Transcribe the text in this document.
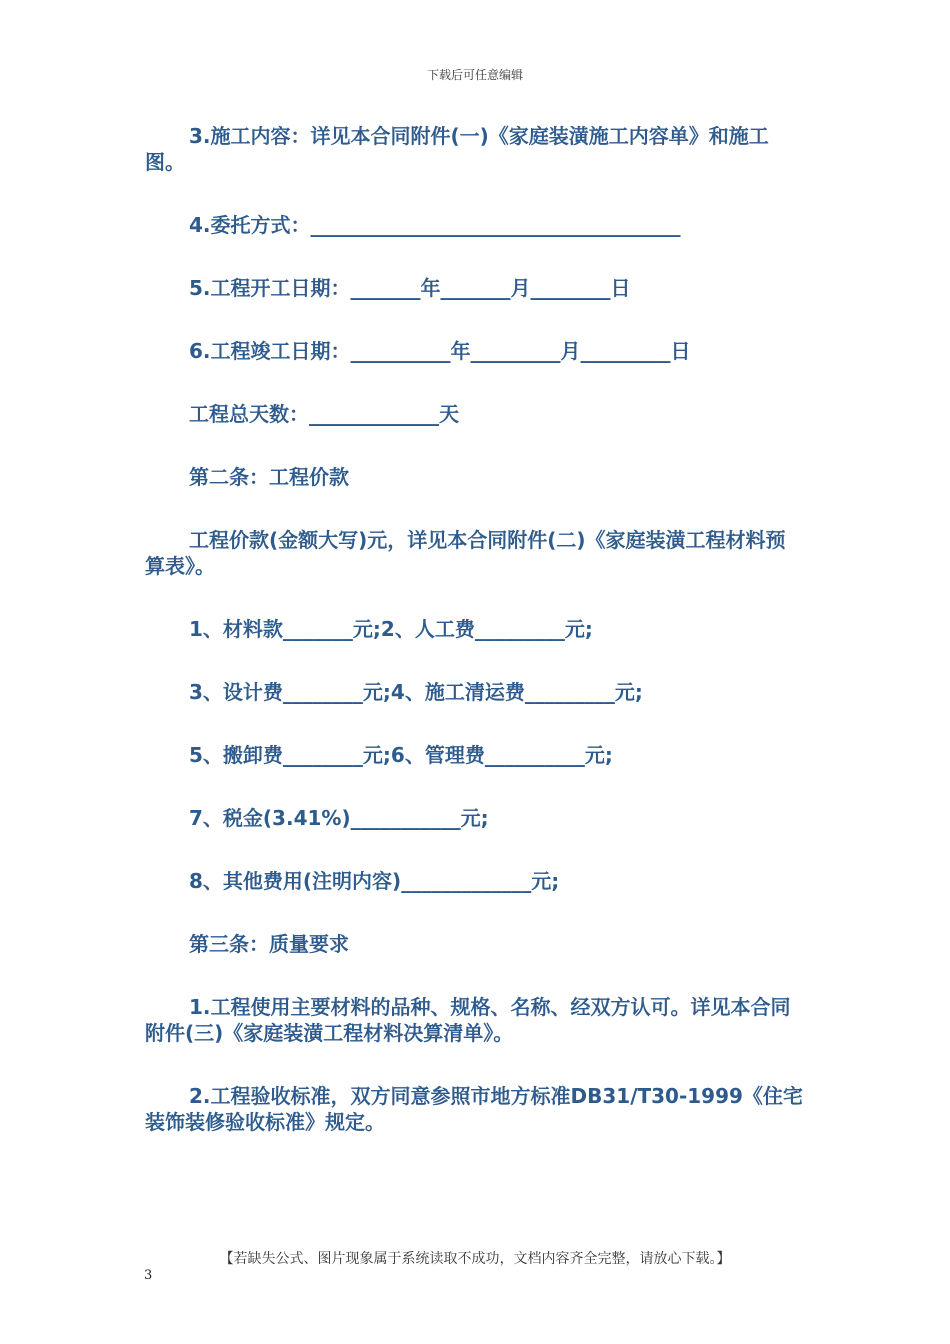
下载后可任意编辑

3.施工内容：详见本合同附件(一)《家庭装潢施工内容单》和施工图。

4.委托方式：_____________________________________

5.工程开工日期：_______年_______月________日

6.工程竣工日期：__________年_________月_________日

工程总天数：_____________天

第二条：工程价款

工程价款(金额大写)元，详见本合同附件(二)《家庭装潢工程材料预算表》。

1、材料款_______元;2、人工费_________元;

3、设计费________元;4、施工清运费_________元;

5、搬卸费________元;6、管理费__________元;

7、税金(3.41%)___________元;

8、其他费用(注明内容)_____________元;

第三条：质量要求

1.工程使用主要材料的品种、规格、名称、经双方认可。详见本合同附件(三)《家庭装潢工程材料决算清单》。

2.工程验收标准，双方同意参照市地方标准DB31/T30-1999《住宅装饰装修验收标准》规定。

【若缺失公式、图片现象属于系统读取不成功，文档内容齐全完整，请放心下载。】
3
